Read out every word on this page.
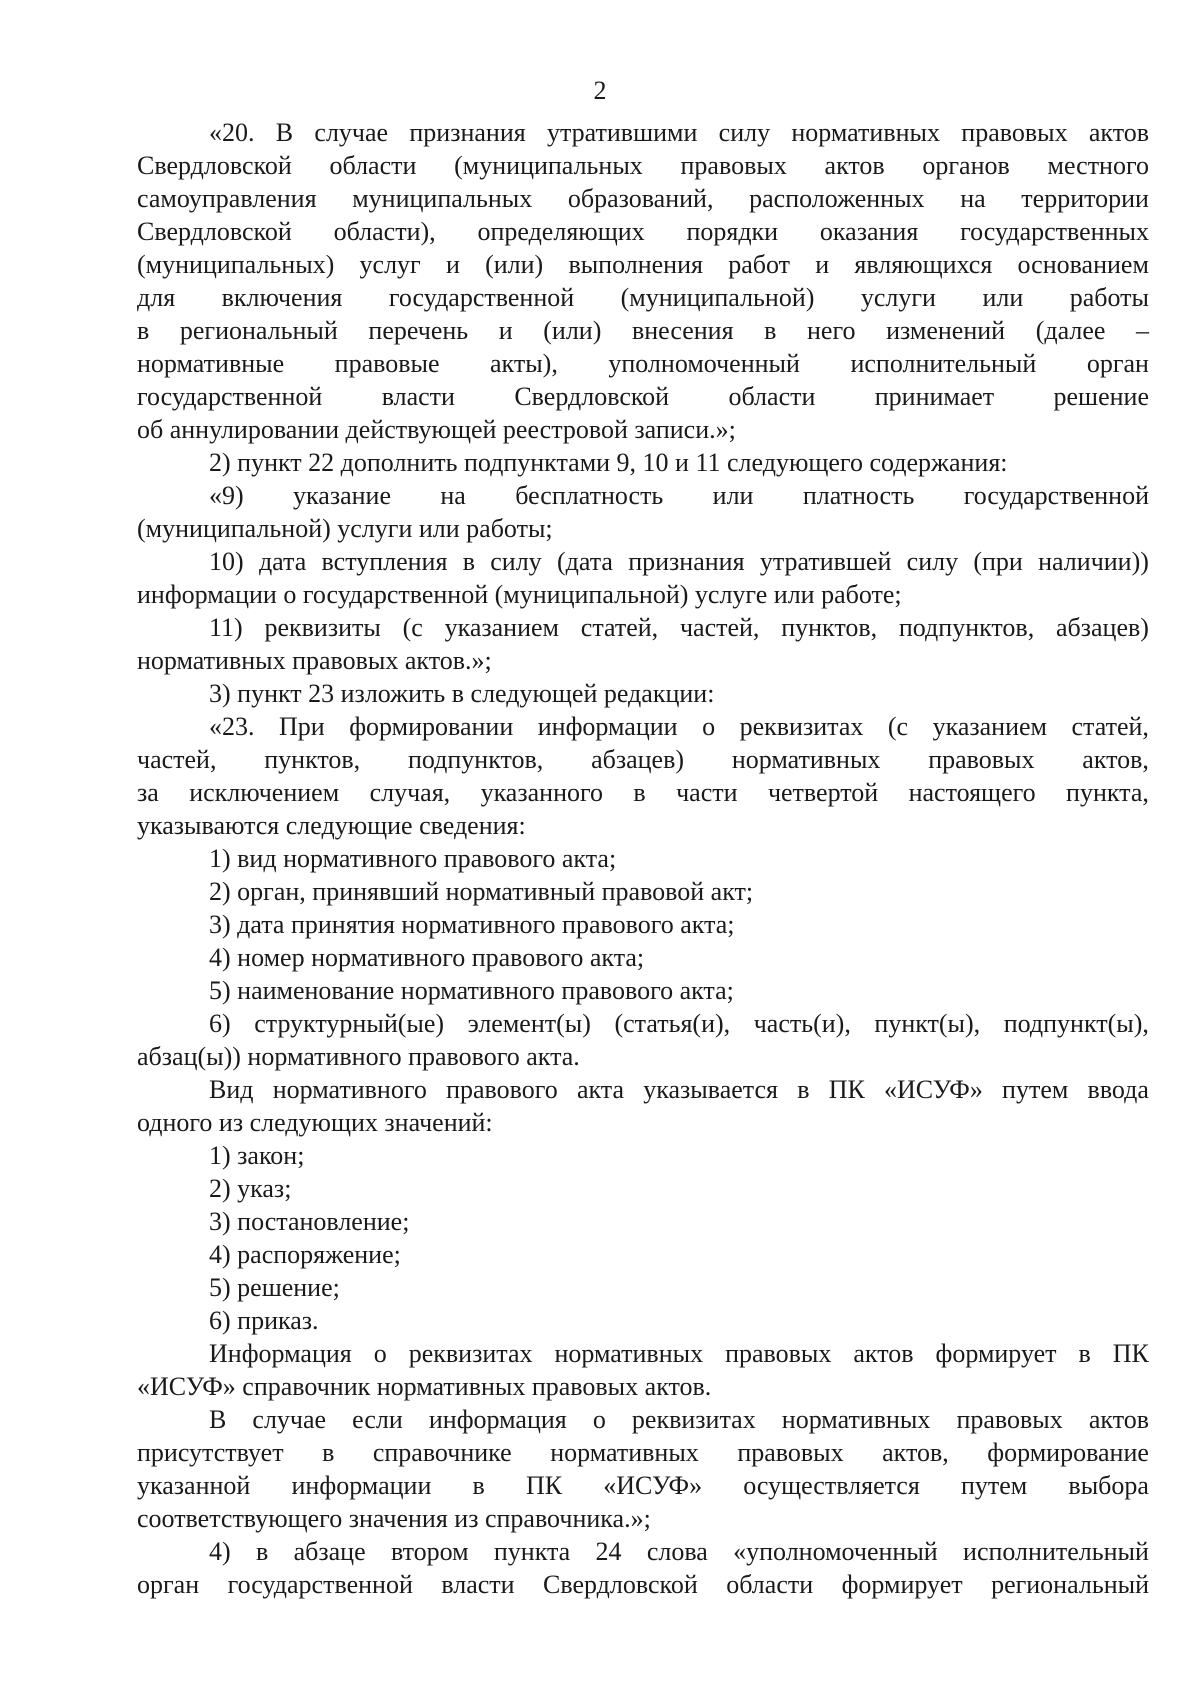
2
«20. В случае признания утратившими силу нормативных правовых актов
Свердловской области (муниципальных правовых актов органов местного
самоуправления муниципальных образований, расположенных на территории
Свердловской области), определяющих порядки оказания государственных
(муниципальных) услуг и (или) выполнения работ и являющихся основанием
для включения государственной (муниципальной) услуги или работы
в региональный перечень и (или) внесения в него изменений (далее –
нормативные правовые акты), уполномоченный исполнительный орган
государственной власти Свердловской области принимает решение
об аннулировании действующей реестровой записи.»;
2) пункт 22 дополнить подпунктами 9, 10 и 11 следующего содержания:
«9) указание на бесплатность или платность государственной
(муниципальной) услуги или работы;
10) дата вступления в силу (дата признания утратившей силу (при наличии))
информации о государственной (муниципальной) услуге или работе;
11) реквизиты (с указанием статей, частей, пунктов, подпунктов, абзацев)
нормативных правовых актов.»;
3) пункт 23 изложить в следующей редакции:
«23. При формировании информации о реквизитах (с указанием статей,
частей, пунктов, подпунктов, абзацев) нормативных правовых актов,
за исключением случая, указанного в части четвертой настоящего пункта,
указываются следующие сведения:
1) вид нормативного правового акта;
2) орган, принявший нормативный правовой акт;
3) дата принятия нормативного правового акта;
4) номер нормативного правового акта;
5) наименование нормативного правового акта;
6) структурный(ые) элемент(ы) (статья(и), часть(и), пункт(ы), подпункт(ы),
абзац(ы)) нормативного правового акта.
Вид нормативного правового акта указывается в ПК «ИСУФ» путем ввода
одного из следующих значений:
1) закон;
2) указ;
3) постановление;
4) распоряжение;
5) решение;
6) приказ.
Информация о реквизитах нормативных правовых актов формирует в ПК
«ИСУФ» справочник нормативных правовых актов.
В случае если информация о реквизитах нормативных правовых актов
присутствует в справочнике нормативных правовых актов, формирование
указанной информации в ПК «ИСУФ» осуществляется путем выбора
соответствующего значения из справочника.»;
4) в абзаце втором пункта 24 слова «уполномоченный исполнительный
орган государственной власти Свердловской области формирует региональный
